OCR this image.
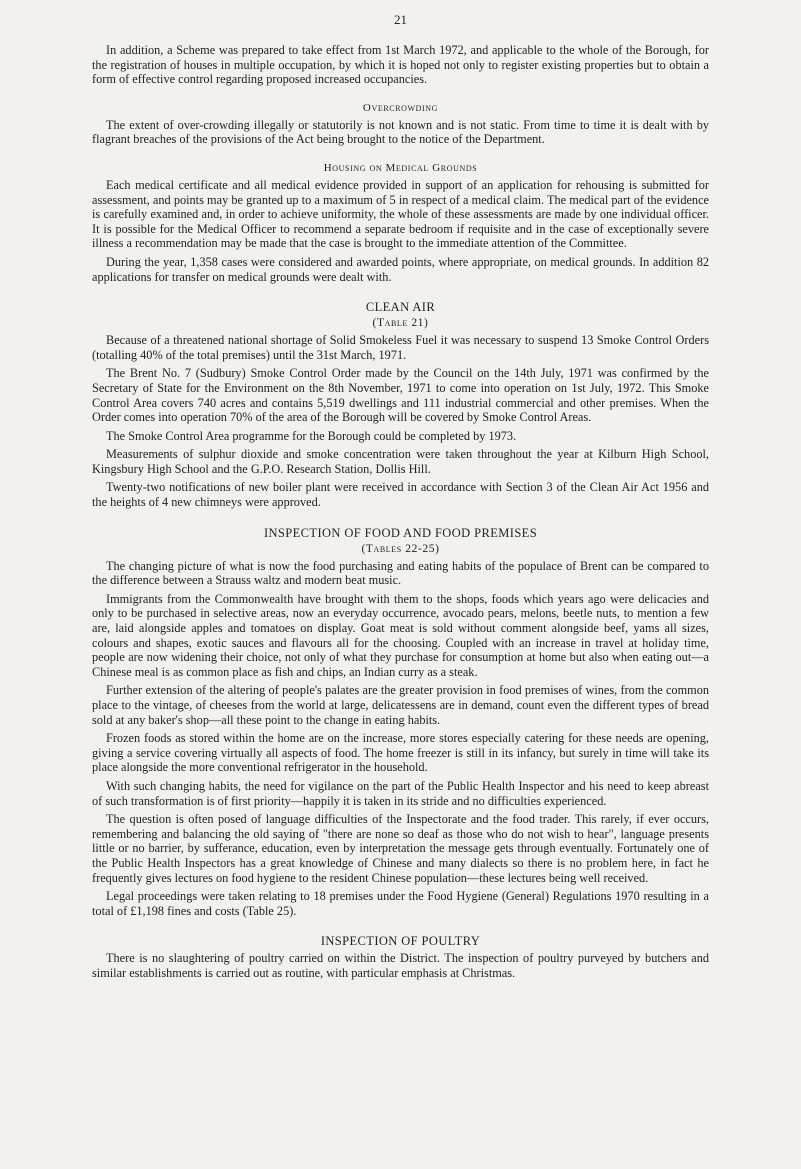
21

In addition, a Scheme was prepared to take effect from 1st March 1972, and applicable to the whole of the Borough, for the registration of houses in multiple occupation, by which it is hoped not only to register existing properties but to obtain a form of effective control regarding proposed increased occupancies.

Overcrowding

The extent of over-crowding illegally or statutorily is not known and is not static. From time to time it is dealt with by flagrant breaches of the provisions of the Act being brought to the notice of the Department.

Housing on Medical Grounds

Each medical certificate and all medical evidence provided in support of an application for rehousing is submitted for assessment, and points may be granted up to a maximum of 5 in respect of a medical claim. The medical part of the evidence is carefully examined and, in order to achieve uniformity, the whole of these assessments are made by one individual officer. It is possible for the Medical Officer to recommend a separate bedroom if requisite and in the case of exceptionally severe illness a recommendation may be made that the case is brought to the immediate attention of the Committee.

During the year, 1,358 cases were considered and awarded points, where appropriate, on medical grounds. In addition 82 applications for transfer on medical grounds were dealt with.

CLEAN AIR
(Table 21)

Because of a threatened national shortage of Solid Smokeless Fuel it was necessary to suspend 13 Smoke Control Orders (totalling 40% of the total premises) until the 31st March, 1971.

The Brent No. 7 (Sudbury) Smoke Control Order made by the Council on the 14th July, 1971 was confirmed by the Secretary of State for the Environment on the 8th November, 1971 to come into operation on 1st July, 1972. This Smoke Control Area covers 740 acres and contains 5,519 dwellings and 111 industrial commercial and other premises. When the Order comes into operation 70% of the area of the Borough will be covered by Smoke Control Areas.

The Smoke Control Area programme for the Borough could be completed by 1973.

Measurements of sulphur dioxide and smoke concentration were taken throughout the year at Kilburn High School, Kingsbury High School and the G.P.O. Research Station, Dollis Hill.

Twenty-two notifications of new boiler plant were received in accordance with Section 3 of the Clean Air Act 1956 and the heights of 4 new chimneys were approved.

INSPECTION OF FOOD AND FOOD PREMISES
(Tables 22-25)

The changing picture of what is now the food purchasing and eating habits of the populace of Brent can be compared to the difference between a Strauss waltz and modern beat music.

Immigrants from the Commonwealth have brought with them to the shops, foods which years ago were delicacies and only to be purchased in selective areas, now an everyday occurrence, avocado pears, melons, beetle nuts, to mention a few are, laid alongside apples and tomatoes on display. Goat meat is sold without comment alongside beef, yams all sizes, colours and shapes, exotic sauces and flavours all for the choosing. Coupled with an increase in travel at holiday time, people are now widening their choice, not only of what they purchase for consumption at home but also when eating out—a Chinese meal is as common place as fish and chips, an Indian curry as a steak.

Further extension of the altering of people's palates are the greater provision in food premises of wines, from the common place to the vintage, of cheeses from the world at large, delicatessens are in demand, count even the different types of bread sold at any baker's shop—all these point to the change in eating habits.

Frozen foods as stored within the home are on the increase, more stores especially catering for these needs are opening, giving a service covering virtually all aspects of food. The home freezer is still in its infancy, but surely in time will take its place alongside the more conventional refrigerator in the household.

With such changing habits, the need for vigilance on the part of the Public Health Inspector and his need to keep abreast of such transformation is of first priority—happily it is taken in its stride and no difficulties experienced.

The question is often posed of language difficulties of the Inspectorate and the food trader. This rarely, if ever occurs, remembering and balancing the old saying of "there are none so deaf as those who do not wish to hear", language presents little or no barrier, by sufferance, education, even by interpretation the message gets through eventually. Fortunately one of the Public Health Inspectors has a great knowledge of Chinese and many dialects so there is no problem here, in fact he frequently gives lectures on food hygiene to the resident Chinese population—these lectures being well received.

Legal proceedings were taken relating to 18 premises under the Food Hygiene (General) Regulations 1970 resulting in a total of £1,198 fines and costs (Table 25).

INSPECTION OF POULTRY

There is no slaughtering of poultry carried on within the District. The inspection of poultry purveyed by butchers and similar establishments is carried out as routine, with particular emphasis at Christmas.
